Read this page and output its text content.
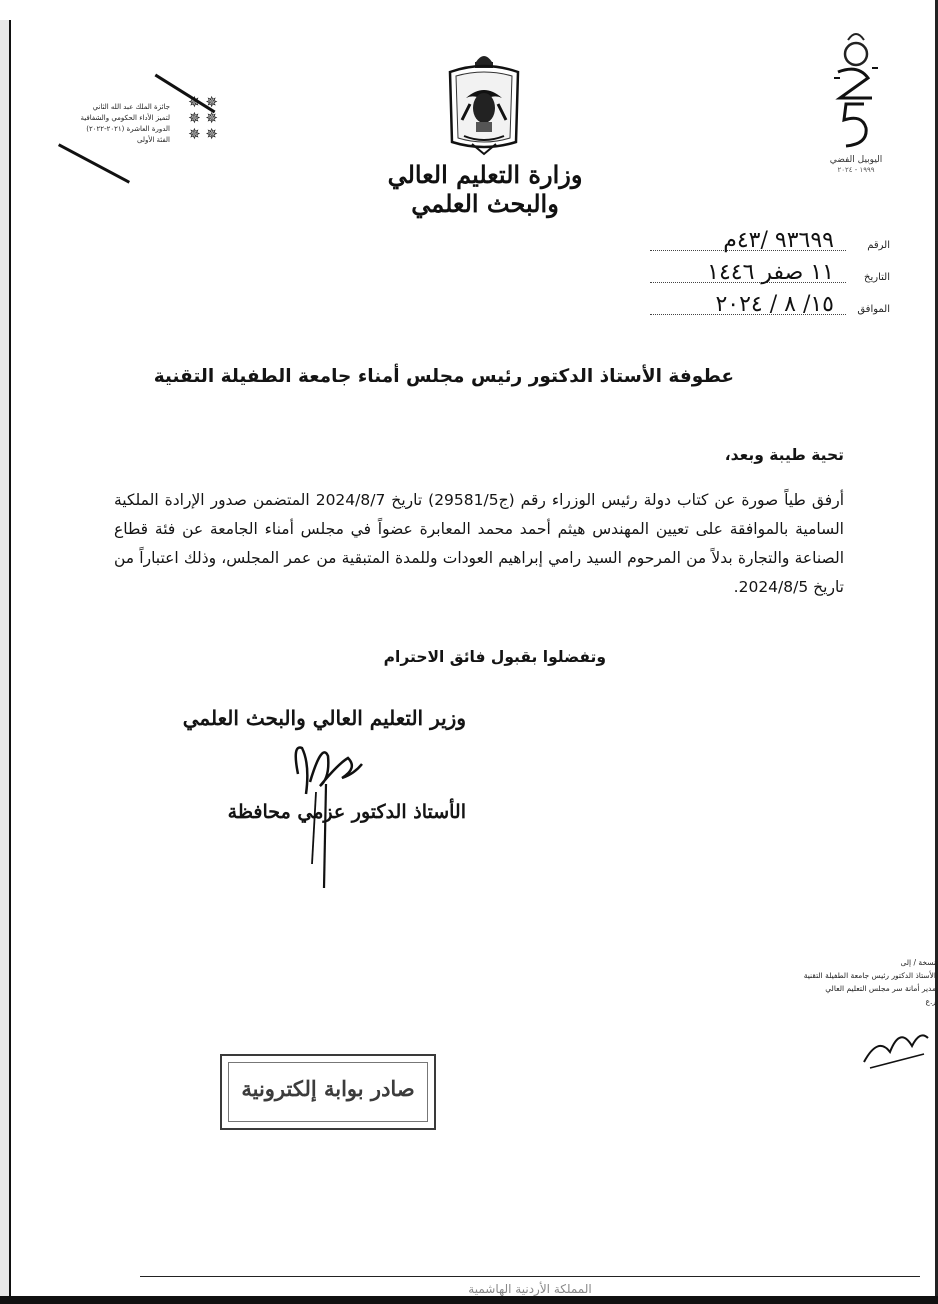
جائزة الملك عبد الله الثاني
لتميز الأداء الحكومي والشفافية
الدورة العاشرة (٢٠٢١-٢٠٢٢)
الفئة الأولى
✵ ✵
✵ ✵
✵ ✵
وزارة التعليم العالي والبحث العلمي
اليوبيل الفضي
١٩٩٩ - ٢٠٢٤
الرقم
٩٣٦٩٩ /٤٣م
التاريخ
١١ صفر ١٤٤٦
الموافق
١٥/ ٨ / ٢٠٢٤
عطوفة الأستاذ الدكتور رئيس مجلس أمناء جامعة الطفيلة التقنية
تحية طيبة وبعد،
أرفق طياً صورة عن كتاب دولة رئيس الوزراء رقم (ج29581/5) تاريخ 2024/8/7 المتضمن صدور الإرادة الملكية السامية بالموافقة على تعيين المهندس هيثم أحمد محمد المعابرة عضواً في مجلس أمناء الجامعة عن فئة قطاع الصناعة والتجارة بدلاً من المرحوم السيد رامي إبراهيم العودات وللمدة المتبقية من عمر المجلس، وذلك اعتباراً من تاريخ 2024/8/5.
وتفضلوا بقبول فائق الاحترام
وزير التعليم العالي والبحث العلمي
الأستاذ الدكتور عزمي محافظة
نسخة / إلى
الأستاذ الدكتور رئيس جامعة الطفيلة التقنية
مدير أمانة سر مجلس التعليم العالي
ر.ع
صادر بوابة إلكترونية
المملكة الأردنية الهاشمية
